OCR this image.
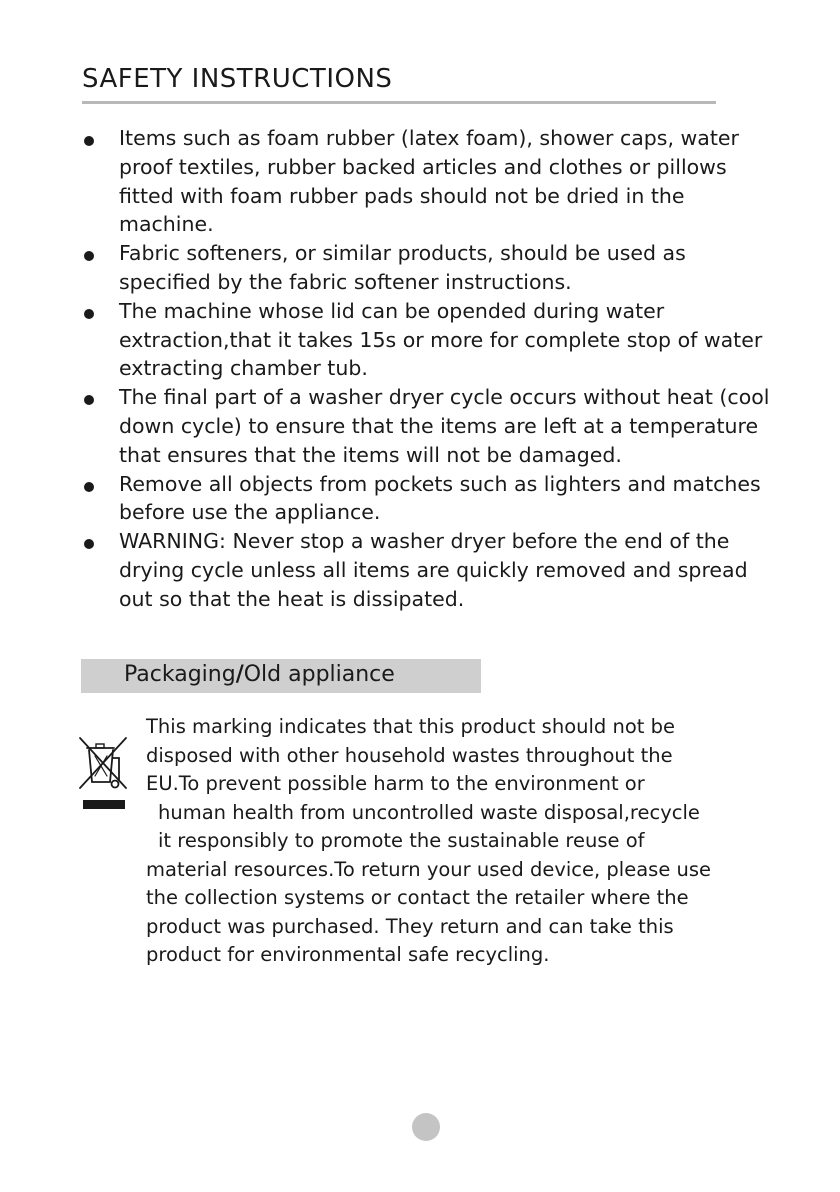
SAFETY INSTRUCTIONS
Items such as foam rubber (latex foam), shower caps, water proof textiles, rubber backed articles and clothes or pillows fitted with foam rubber pads should not be dried in the machine.
Fabric softeners, or similar products, should be used as specified by the fabric softener instructions.
The machine whose lid can be opended during water extraction,that it takes 15s or more for complete stop of water extracting chamber tub.
The final part of a washer dryer cycle occurs without heat (cool down cycle) to ensure that the items are left at a temperature that ensures that the items will not be damaged.
Remove all objects from pockets such as lighters and matches before use the appliance.
WARNING: Never stop a washer dryer before the end of the drying cycle unless all items are quickly removed and spread out so that the heat is dissipated.
Packaging/Old appliance
This marking indicates that this product should not be
disposed with other household wastes throughout the
EU.To prevent possible harm to the environment or
human health from uncontrolled waste disposal,recycle
it responsibly to promote the sustainable reuse of
material resources.To return your used device, please use
the collection systems or contact the retailer where the
product was purchased. They return and can take this
product for environmental safe recycling.
